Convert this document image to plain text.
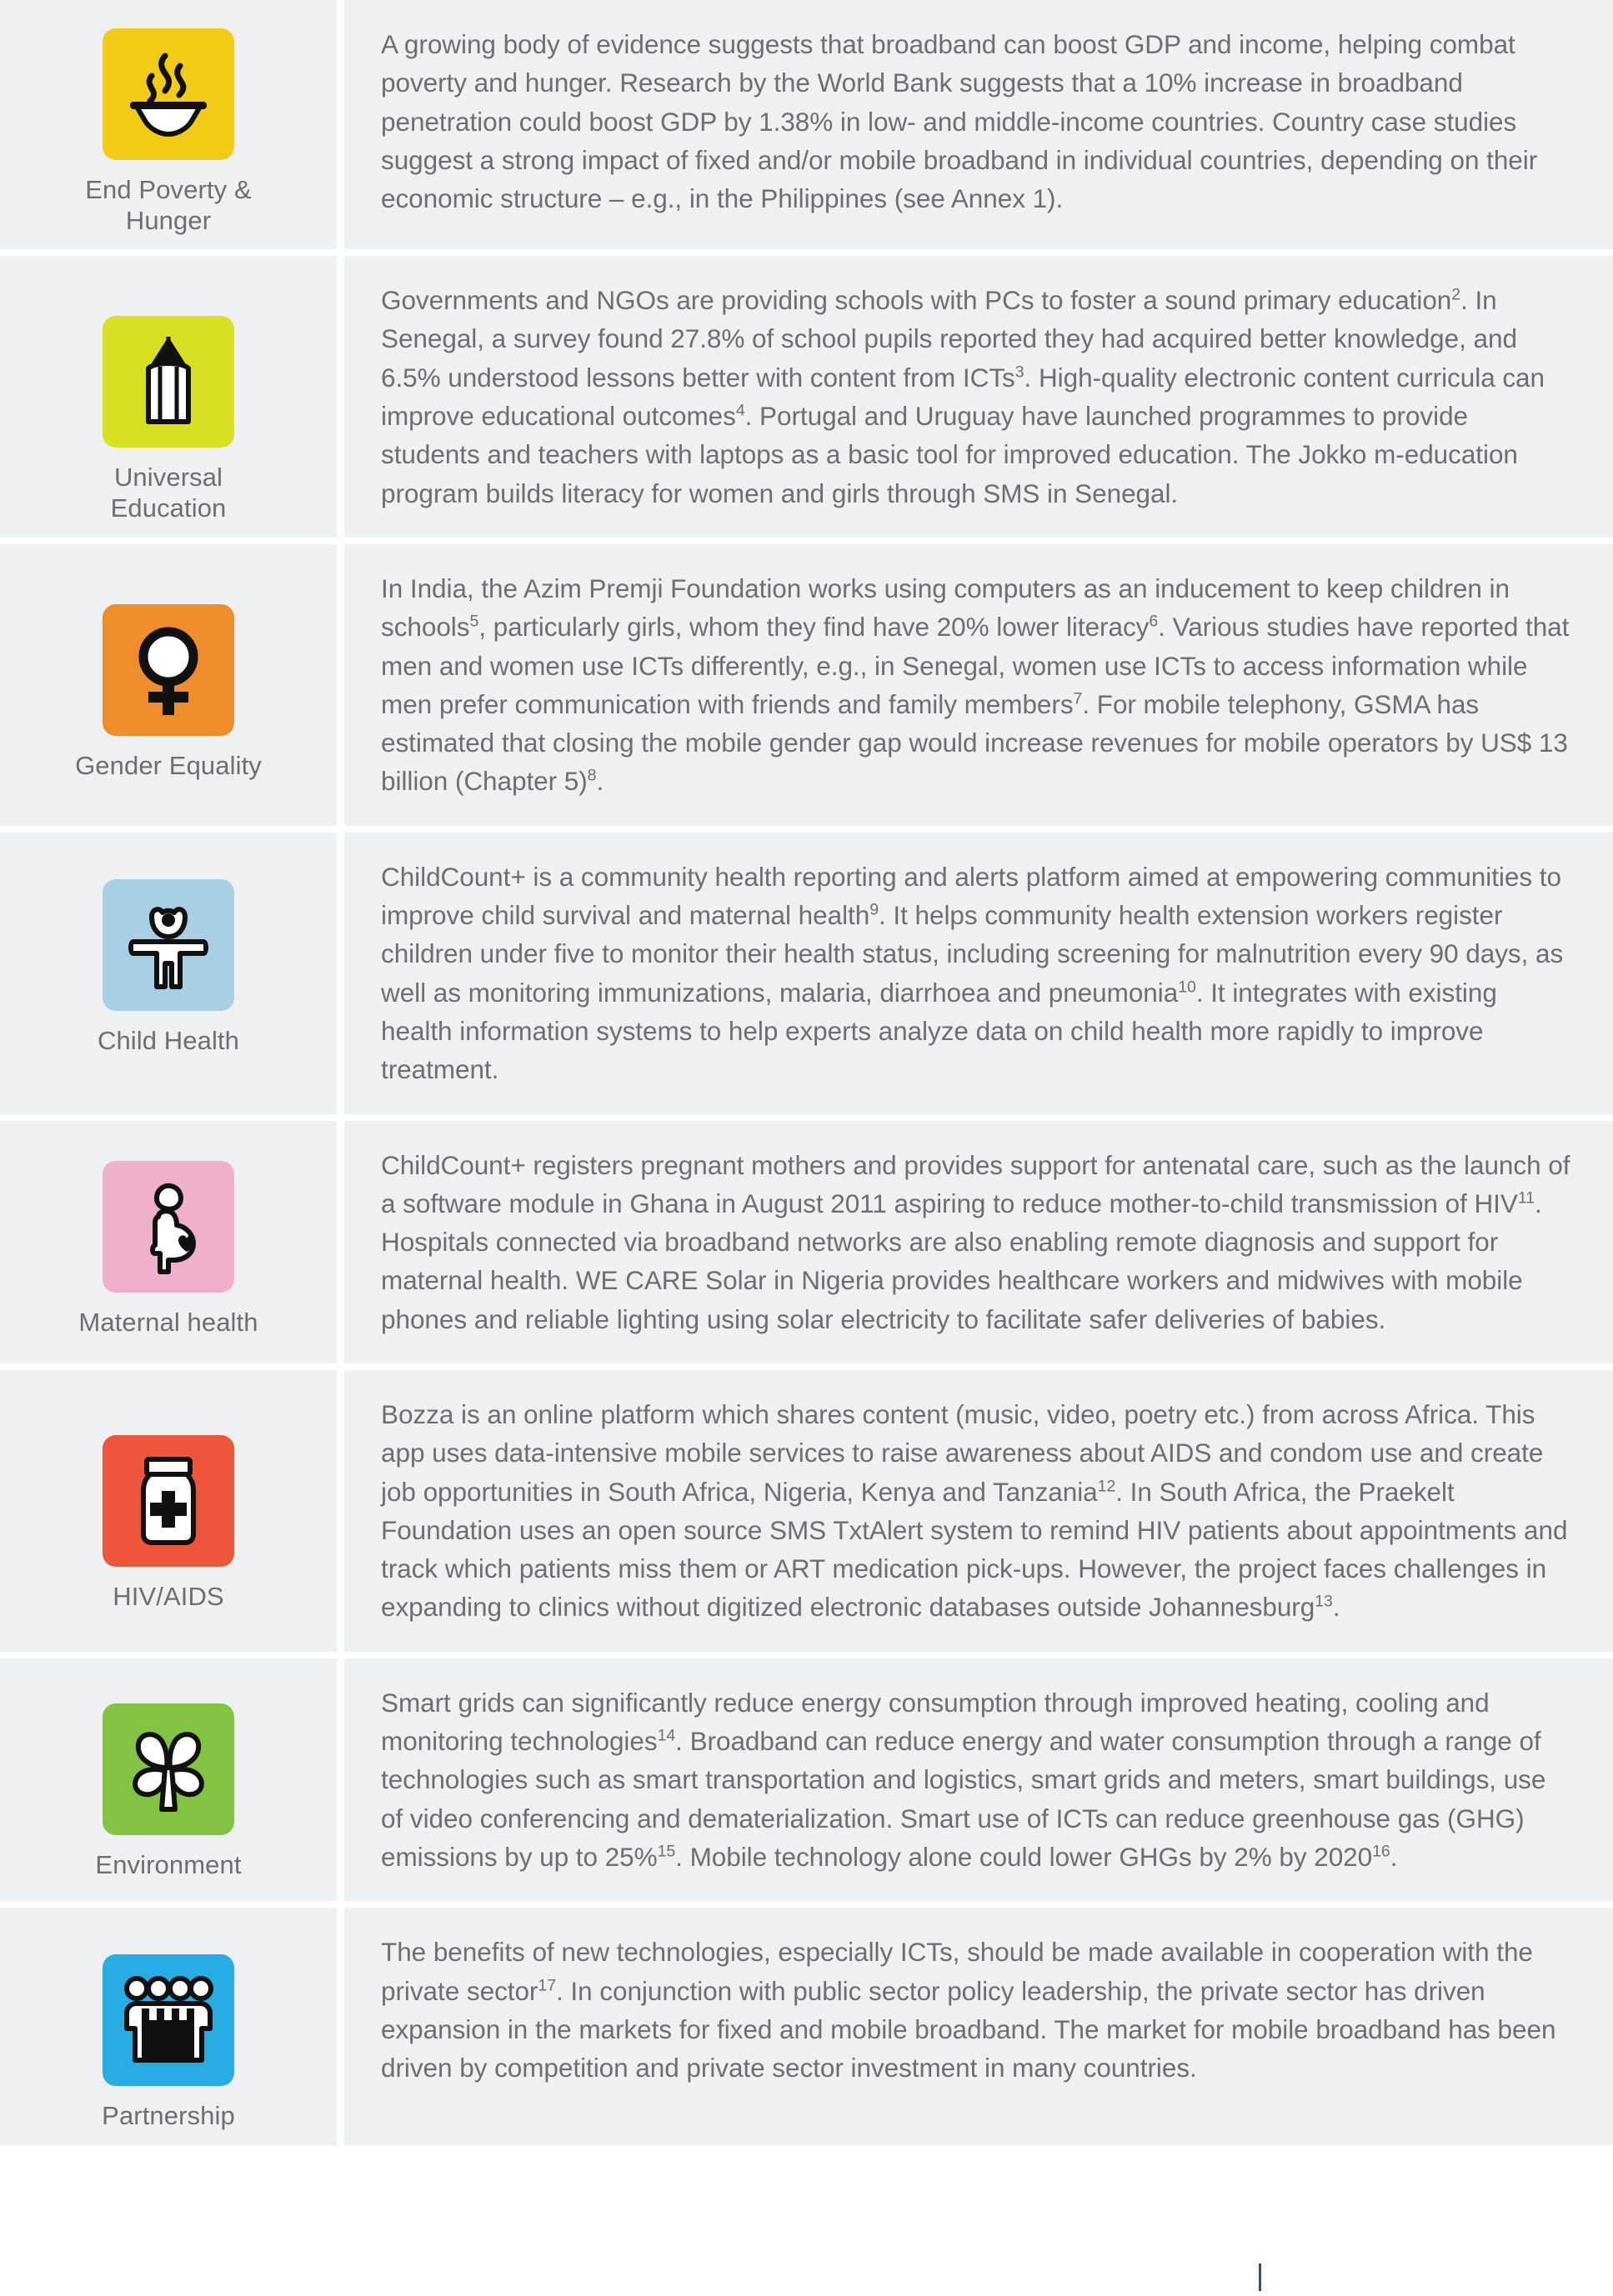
End Poverty &
Hunger
A growing body of evidence suggests that broadband can boost GDP and income, helping combat poverty and hunger. Research by the World Bank suggests that a 10% increase in broadband penetration could boost GDP by 1.38% in low- and middle-income countries. Country case studies suggest a strong impact of fixed and/or mobile broadband in individual countries, depending on their economic structure – e.g., in the Philippines (see Annex 1).
Universal
Education
Governments and NGOs are providing schools with PCs to foster a sound primary education$^2$. In Senegal, a survey found 27.8% of school pupils reported they had acquired better knowledge, and 6.5% understood lessons better with content from ICTs$^3$. High-quality electronic content curricula can improve educational outcomes$^4$. Portugal and Uruguay have launched programmes to provide students and teachers with laptops as a basic tool for improved education. The Jokko m-education program builds literacy for women and girls through SMS in Senegal.
Gender Equality
In India, the Azim Premji Foundation works using computers as an inducement to keep children in schools$^5$, particularly girls, whom they find have 20% lower literacy$^6$. Various studies have reported that men and women use ICTs differently, e.g., in Senegal, women use ICTs to access information while men prefer communication with friends and family members$^7$. For mobile telephony, GSMA has estimated that closing the mobile gender gap would increase revenues for mobile operators by US$ 13 billion (Chapter 5)$^8$.
Child Health
ChildCount+ is a community health reporting and alerts platform aimed at empowering communities to improve child survival and maternal health$^9$. It helps community health extension workers register children under five to monitor their health status, including screening for malnutrition every 90 days, as well as monitoring immunizations, malaria, diarrhoea and pneumonia$^{10}$. It integrates with existing health information systems to help experts analyze data on child health more rapidly to improve treatment.
Maternal health
ChildCount+ registers pregnant mothers and provides support for antenatal care, such as the launch of a software module in Ghana in August 2011 aspiring to reduce mother-to-child transmission of HIV$^{11}$. Hospitals connected via broadband networks are also enabling remote diagnosis and support for maternal health. WE CARE Solar in Nigeria provides healthcare workers and midwives with mobile phones and reliable lighting using solar electricity to facilitate safer deliveries of babies.
HIV/AIDS
Bozza is an online platform which shares content (music, video, poetry etc.) from across Africa. This app uses data-intensive mobile services to raise awareness about AIDS and condom use and create job opportunities in South Africa, Nigeria, Kenya and Tanzania$^{12}$. In South Africa, the Praekelt Foundation uses an open source SMS TxtAlert system to remind HIV patients about appointments and track which patients miss them or ART medication pick-ups. However, the project faces challenges in expanding to clinics without digitized electronic databases outside Johannesburg$^{13}$.
Environment
Smart grids can significantly reduce energy consumption through improved heating, cooling and monitoring technologies$^{14}$. Broadband can reduce energy and water consumption through a range of technologies such as smart transportation and logistics, smart grids and meters, smart buildings, use of video conferencing and dematerialization. Smart use of ICTs can reduce greenhouse gas (GHG) emissions by up to 25%$^{15}$. Mobile technology alone could lower GHGs by 2% by 2020$^{16}$.
Partnership
The benefits of new technologies, especially ICTs, should be made available in cooperation with the private sector$^{17}$. In conjunction with public sector policy leadership, the private sector has driven expansion in the markets for fixed and mobile broadband. The market for mobile broadband has been driven by competition and private sector investment in many countries.
